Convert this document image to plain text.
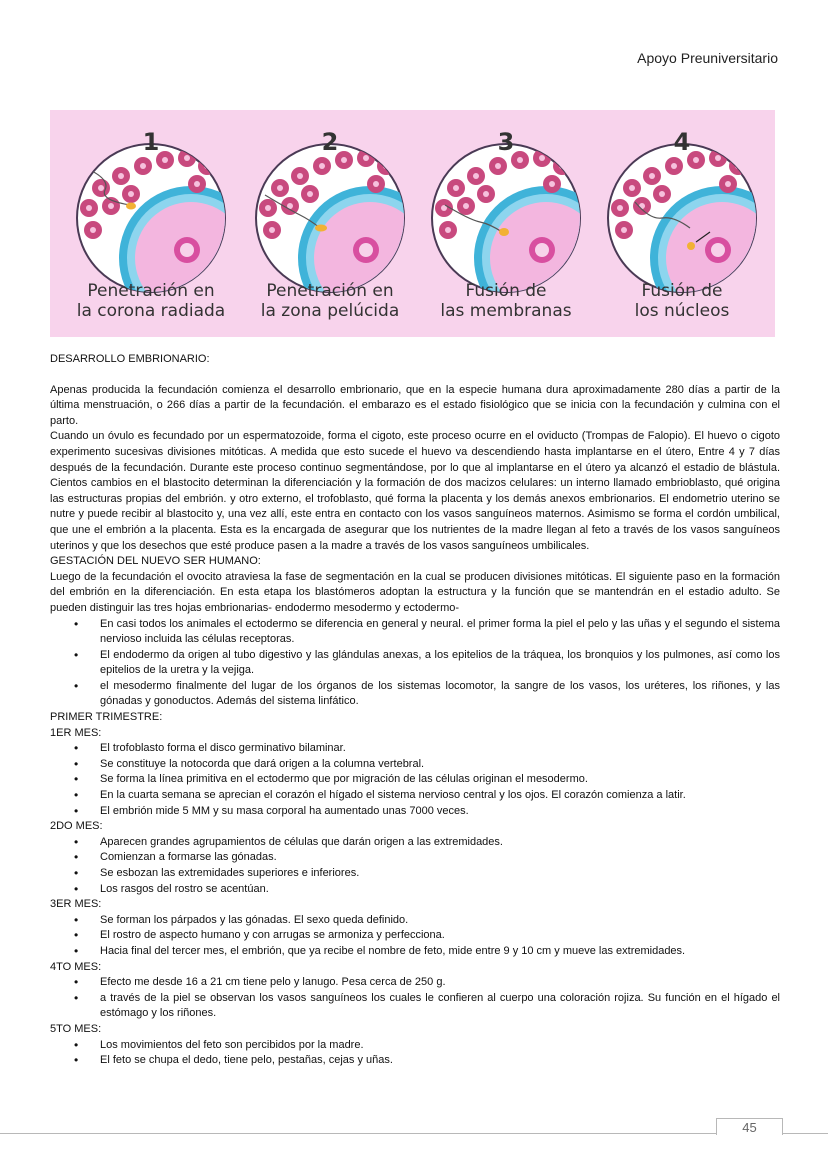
Apoyo Preuniversitario
1	2	3	4
Penetración en
la corona radiada
Penetración en
la zona pelúcida
Fusión de
las membranas
Fusión de
los núcleos

DESARROLLO EMBRIONARIO:

Apenas producida la fecundación comienza el desarrollo embrionario, que en la especie humana dura aproximadamente 280 días a partir de la última menstruación, o 266 días a partir de la fecundación. el embarazo es el estado fisiológico que se inicia con la fecundación y culmina con el parto.

Cuando un óvulo es fecundado por un espermatozoide, forma el cigoto, este proceso ocurre en el oviducto (Trompas de Falopio). El huevo o cigoto experimento sucesivas divisiones mitóticas. A medida que esto sucede el huevo va descendiendo hasta implantarse en el útero, Entre 4 y 7 días después de la fecundación. Durante este proceso continuo segmentándose, por lo que al implantarse en el útero ya alcanzó el estadio de blástula. Cientos cambios en el blastocito determinan la diferenciación y la formación de dos macizos celulares: un interno llamado embrioblasto, qué origina las estructuras propias del embrión. y otro externo, el trofoblasto, qué forma la placenta y los demás anexos embrionarios. El endometrio uterino se nutre y puede recibir al blastocito y, una vez allí, este entra en contacto con los vasos sanguíneos maternos. Asimismo se forma el cordón umbilical, que une el embrión a la placenta. Esta es la encargada de asegurar que los nutrientes de la madre llegan al feto a través de los vasos sanguíneos uterinos y que los desechos que esté produce pasen a la madre a través de los vasos sanguíneos umbilicales.

GESTACIÓN DEL NUEVO SER HUMANO:

Luego de la fecundación el ovocito atraviesa la fase de segmentación en la cual se producen divisiones mitóticas. El siguiente paso en la formación del embrión en la diferenciación. En esta etapa los blastómeros adoptan la estructura y la función que se mantendrán en el estadio adulto. Se pueden distinguir las tres hojas embrionarias- endodermo mesodermo y ectodermo-

• En casi todos los animales el ectodermo se diferencia en general y neural. el primer forma la piel el pelo y las uñas y el segundo el sistema nervioso incluida las células receptoras.
• El endodermo da origen al tubo digestivo y las glándulas anexas, a los epitelios de la tráquea, los bronquios y los pulmones, así como los epitelios de la uretra y la vejiga.
• el mesodermo finalmente del lugar de los órganos de los sistemas locomotor, la sangre de los vasos, los uréteres, los riñones, y las gónadas y gonoductos. Además del sistema linfático.

PRIMER TRIMESTRE:

1ER MES:

• El trofoblasto forma el disco germinativo bilaminar.
• Se constituye la notocorda que dará origen a la columna vertebral.
• Se forma la línea primitiva en el ectodermo que por migración de las células originan el mesodermo.
• En la cuarta semana se aprecian el corazón el hígado el sistema nervioso central y los ojos. El corazón comienza a latir.
• El embrión mide 5 MM y su masa corporal ha aumentado unas 7000 veces.

2DO MES:

• Aparecen grandes agrupamientos de células que darán origen a las extremidades.
• Comienzan a formarse las gónadas.
• Se esbozan las extremidades superiores e inferiores.
• Los rasgos del rostro se acentúan.

3ER MES:

• Se forman los párpados y las gónadas. El sexo queda definido.
• El rostro de aspecto humano y con arrugas se armoniza y perfecciona.
• Hacia final del tercer mes, el embrión, que ya recibe el nombre de feto, mide entre 9 y 10 cm y mueve las extremidades.

4TO MES:

• Efecto me desde 16 a 21 cm tiene pelo y lanugo. Pesa cerca de 250 g.
• a través de la piel se observan los vasos sanguíneos los cuales le confieren al cuerpo una coloración rojiza. Su función en el hígado el estómago y los riñones.

5TO MES:

• Los movimientos del feto son percibidos por la madre.
• El feto se chupa el dedo, tiene pelo, pestañas, cejas y uñas.
45
